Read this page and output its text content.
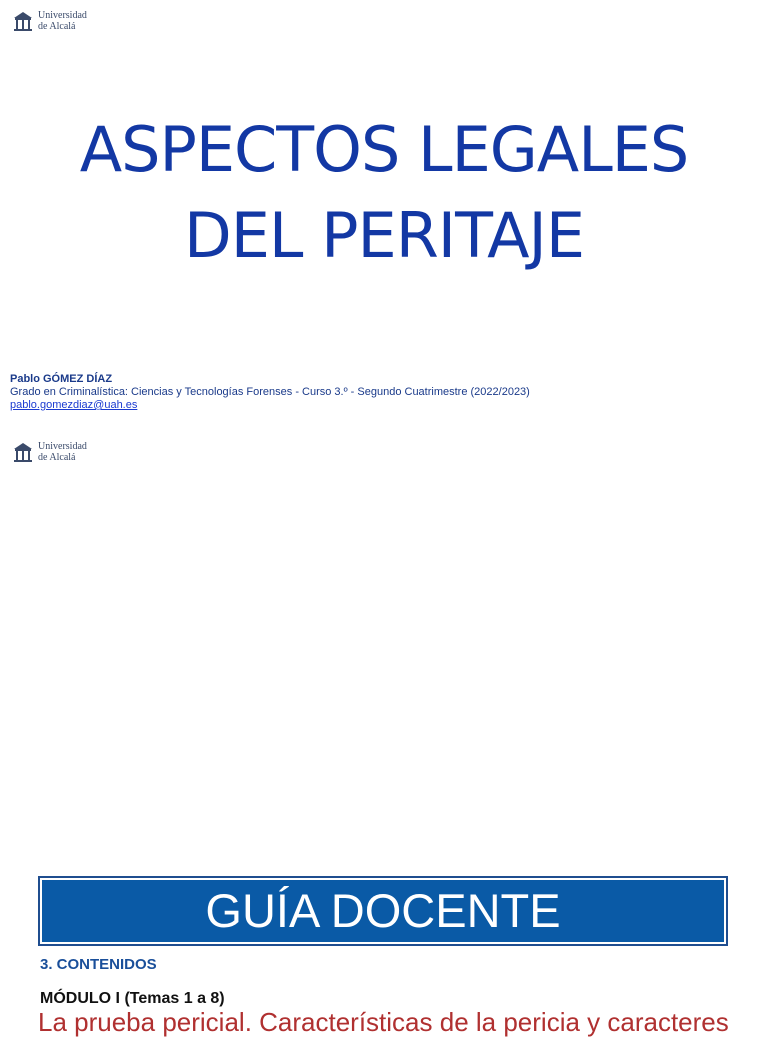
Universidad
de Alcalá
ASPECTOS LEGALES
DEL PERITAJE
Pablo GÓMEZ DÍAZ
Grado en Criminalística: Ciencias y Tecnologías Forenses - Curso 3.º - Segundo Cuatrimestre (2022/2023)
pablo.gomezdiaz@uah.es
Universidad
de Alcalá
GUÍA DOCENTE
3. CONTENIDOS
MÓDULO I (Temas 1 a 8)
La prueba pericial. Características de la pericia y caracteres
